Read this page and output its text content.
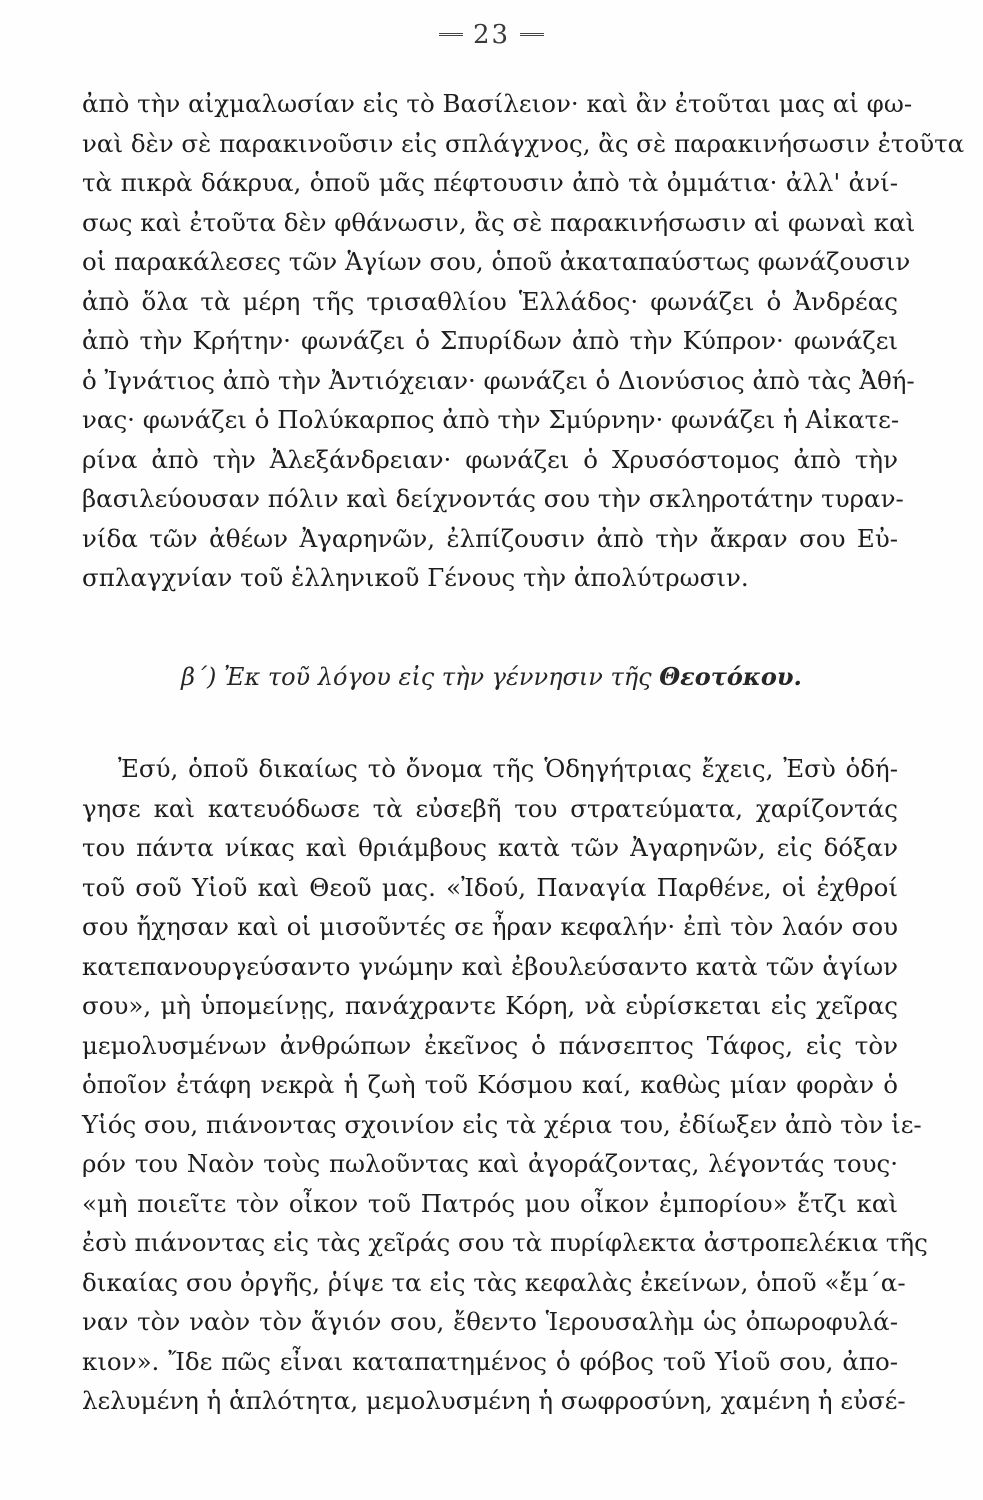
23
ἀπὸ τὴν αἰχμαλωσίαν εἰς τὸ Βασίλειον· καὶ ἂν ἐτοῦται μας αἱ φω-
ναὶ δὲν σὲ παρακινοῦσιν εἰς σπλάγχνος, ἂς σὲ παρακινήσωσιν ἐτοῦτα
τὰ πικρὰ δάκρυα, ὁποῦ μᾶς πέφτουσιν ἀπὸ τὰ ὀμμάτια· ἀλλ' ἀνί-
σως καὶ ἐτοῦτα δὲν φθάνωσιν, ἂς σὲ παρακινήσωσιν αἱ φωναὶ καὶ
οἱ παρακάλεσες τῶν Ἁγίων σου, ὁποῦ ἀκαταπαύστως φωνάζουσιν
ἀπὸ ὅλα τὰ μέρη τῆς τρισαθλίου Ἑλλάδος· φωνάζει ὁ Ἀνδρέας
ἀπὸ τὴν Κρήτην· φωνάζει ὁ Σπυρίδων ἀπὸ τὴν Κύπρον· φωνάζει
ὁ Ἰγνάτιος ἀπὸ τὴν Ἀντιόχειαν· φωνάζει ὁ Διονύσιος ἀπὸ τὰς Ἀθή-
νας· φωνάζει ὁ Πολύκαρπος ἀπὸ τὴν Σμύρνην· φωνάζει ἡ Αἰκατε-
ρίνα ἀπὸ τὴν Ἀλεξάνδρειαν· φωνάζει ὁ Χρυσόστομος ἀπὸ τὴν
βασιλεύουσαν πόλιν καὶ δείχνοντάς σου τὴν σκληροτάτην τυραν-
νίδα τῶν ἀθέων Ἀγαρηνῶν, ἐλπίζουσιν ἀπὸ τὴν ἄκραν σου Εὐ-
σπλαγχνίαν τοῦ ἑλληνικοῦ Γένους τὴν ἀπολύτρωσιν.
β΄) Ἐκ τοῦ λόγου εἰς τὴν γέννησιν τῆς Θεοτόκου.
Ἐσύ, ὁποῦ δικαίως τὸ ὄνομα τῆς Ὁδηγήτριας ἔχεις, Ἐσὺ ὁδή-
γησε καὶ κατευόδωσε τὰ εὐσεβῆ του στρατεύματα, χαρίζοντάς
του πάντα νίκας καὶ θριάμβους κατὰ τῶν Ἀγαρηνῶν, εἰς δόξαν
τοῦ σοῦ Υἱοῦ καὶ Θεοῦ μας. «Ἰδού, Παναγία Παρθένε, οἱ ἐχθροί
σου ἤχησαν καὶ οἱ μισοῦντές σε ἦραν κεφαλήν· ἐπὶ τὸν λαόν σου
κατεπανουργεύσαντο γνώμην καὶ ἐβουλεύσαντο κατὰ τῶν ἁγίων
σου», μὴ ὑπομείνῃς, πανάχραντε Κόρη, νὰ εὑρίσκεται εἰς χεῖρας
μεμολυσμένων ἀνθρώπων ἐκεῖνος ὁ πάνσεπτος Τάφος, εἰς τὸν
ὁποῖον ἐτάφη νεκρὰ ἡ ζωὴ τοῦ Κόσμου καί, καθὼς μίαν φορὰν ὁ
Υἱός σου, πιάνοντας σχοινίον εἰς τὰ χέρια του, ἐδίωξεν ἀπὸ τὸν ἱε-
ρόν του Ναὸν τοὺς πωλοῦντας καὶ ἀγοράζοντας, λέγοντάς τους·
«μὴ ποιεῖτε τὸν οἶκον τοῦ Πατρός μου οἶκον ἐμπορίου» ἔτζι καὶ
ἐσὺ πιάνοντας εἰς τὰς χεῖράς σου τὰ πυρίφλεκτα ἀστροπελέκια τῆς
δικαίας σου ὀργῆς, ῥίψε τα εἰς τὰς κεφαλὰς ἐκείνων, ὁποῦ «ἔμ΄α-
ναν τὸν ναὸν τὸν ἅγιόν σου, ἔθεντο Ἱερουσαλὴμ ὡς ὀπωροφυλά-
κιον». Ἴδε πῶς εἶναι καταπατημένος ὁ φόβος τοῦ Υἱοῦ σου, ἀπο-
λελυμένη ἡ ἁπλότητα, μεμολυσμένη ἡ σωφροσύνη, χαμένη ἡ εὐσέ-
